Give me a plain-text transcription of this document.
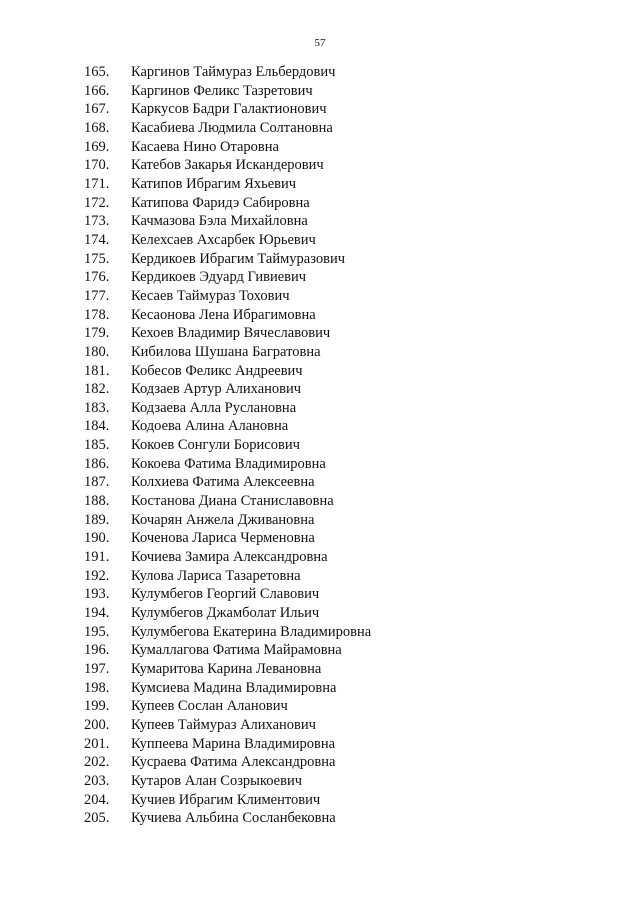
57
165.	Каргинов Таймураз Ельбердович
166.	Каргинов Феликс Тазретович
167.	Каркусов Бадри Галактионович
168.	Касабиева Людмила Солтановна
169.	Касаева Нино Отаровна
170.	Катебов Закарья Искандерович
171.	Катипов Ибрагим Яхьевич
172.	Катипова Фаридэ Сабировна
173.	Качмазова Бэла Михайловна
174.	Келехсаев Ахсарбек Юрьевич
175.	Кердикоев Ибрагим Таймуразович
176.	Кердикоев Эдуард Гивиевич
177.	Кесаев Таймураз Тохович
178.	Кесаонова Лена Ибрагимовна
179.	Кехоев Владимир Вячеславович
180.	Кибилова Шушана Багратовна
181.	Кобесов Феликс Андреевич
182.	Кодзаев Артур Алиханович
183.	Кодзаева Алла Руслановна
184.	Кодоева Алина Алановна
185.	Кокоев Сонгули Борисович
186.	Кокоева Фатима Владимировна
187.	Колхиева Фатима Алексеевна
188.	Костанова Диана Станиславовна
189.	Кочарян Анжела Дживановна
190.	Коченова Лариса Черменовна
191.	Кочиева Замира Александровна
192.	Кулова Лариса Тазаретовна
193.	Кулумбегов Георгий Славович
194.	Кулумбегов Джамболат Ильич
195.	Кулумбегова Екатерина Владимировна
196.	Кумаллагова Фатима Майрамовна
197.	Кумаритова Карина Левановна
198.	Кумсиева Мадина Владимировна
199.	Купеев Сослан Аланович
200.	Купеев Таймураз Алиханович
201.	Куппеева Марина Владимировна
202.	Кусраева Фатима Александровна
203.	Кутаров Алан Созрыкоевич
204.	Кучиев Ибрагим Климентович
205.	Кучиева Альбина Сосланбековна
